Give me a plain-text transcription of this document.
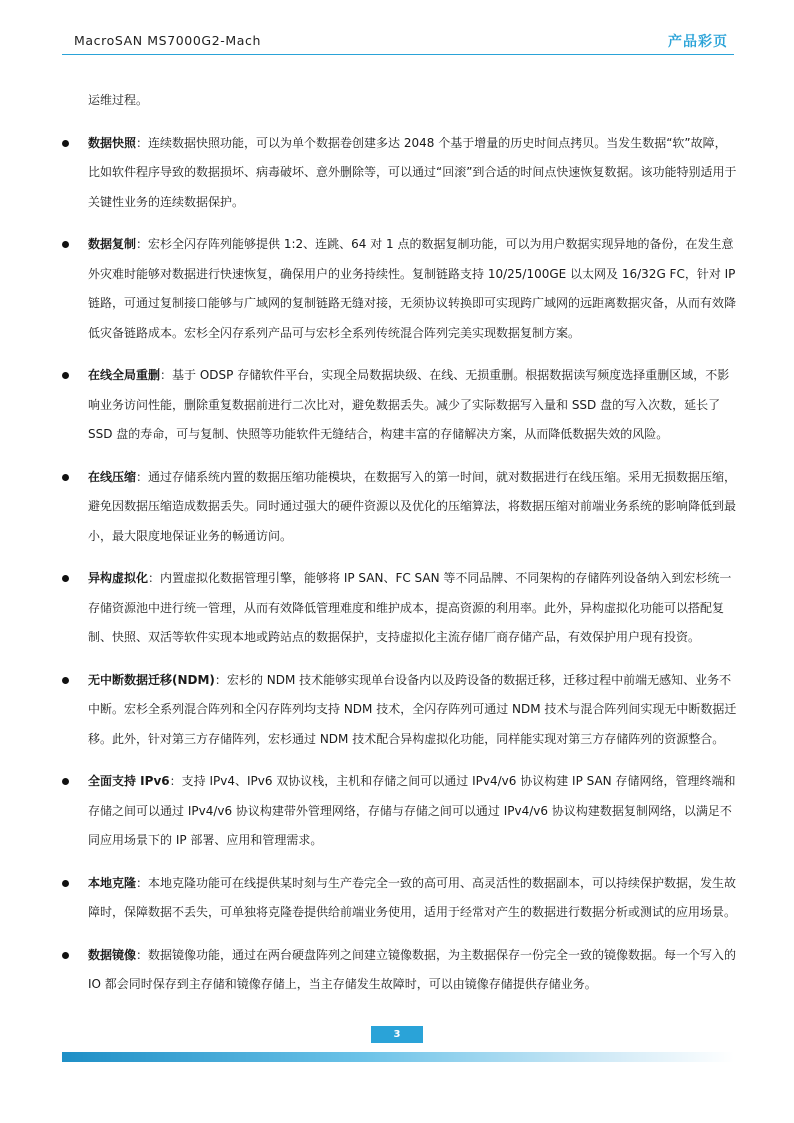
MacroSAN MS7000G2-Mach	产品彩页

运维过程。

数据快照：连续数据快照功能，可以为单个数据卷创建多达 2048 个基于增量的历史时间点拷贝。当发生数据“软”故障，比如软件程序导致的数据损坏、病毒破坏、意外删除等，可以通过“回滚”到合适的时间点快速恢复数据。该功能特别适用于关键性业务的连续数据保护。
数据复制：宏杉全闪存阵列能够提供 1:2、连跳、64 对 1 点的数据复制功能，可以为用户数据实现异地的备份，在发生意外灾难时能够对数据进行快速恢复，确保用户的业务持续性。复制链路支持 10/25/100GE 以太网及 16/32G FC，针对 IP 链路，可通过复制接口能够与广域网的复制链路无缝对接，无须协议转换即可实现跨广域网的远距离数据灾备，从而有效降低灾备链路成本。宏杉全闪存系列产品可与宏杉全系列传统混合阵列完美实现数据复制方案。
在线全局重删：基于 ODSP 存储软件平台，实现全局数据块级、在线、无损重删。根据数据读写频度选择重删区域，不影响业务访问性能，删除重复数据前进行二次比对，避免数据丢失。减少了实际数据写入量和 SSD 盘的写入次数，延长了 SSD 盘的寿命，可与复制、快照等功能软件无缝结合，构建丰富的存储解决方案，从而降低数据失效的风险。
在线压缩：通过存储系统内置的数据压缩功能模块，在数据写入的第一时间，就对数据进行在线压缩。采用无损数据压缩，避免因数据压缩造成数据丢失。同时通过强大的硬件资源以及优化的压缩算法，将数据压缩对前端业务系统的影响降低到最小，最大限度地保证业务的畅通访问。
异构虚拟化：内置虚拟化数据管理引擎，能够将 IP SAN、FC SAN 等不同品牌、不同架构的存储阵列设备纳入到宏杉统一存储资源池中进行统一管理，从而有效降低管理难度和维护成本，提高资源的利用率。此外，异构虚拟化功能可以搭配复制、快照、双活等软件实现本地或跨站点的数据保护，支持虚拟化主流存储厂商存储产品，有效保护用户现有投资。
无中断数据迁移(NDM)：宏杉的 NDM 技术能够实现单台设备内以及跨设备的数据迁移，迁移过程中前端无感知、业务不中断。宏杉全系列混合阵列和全闪存阵列均支持 NDM 技术，全闪存阵列可通过 NDM 技术与混合阵列间实现无中断数据迁移。此外，针对第三方存储阵列，宏杉通过 NDM 技术配合异构虚拟化功能，同样能实现对第三方存储阵列的资源整合。
全面支持 IPv6：支持 IPv4、IPv6 双协议栈，主机和存储之间可以通过 IPv4/v6 协议构建 IP SAN 存储网络，管理终端和存储之间可以通过 IPv4/v6 协议构建带外管理网络，存储与存储之间可以通过 IPv4/v6 协议构建数据复制网络，以满足不同应用场景下的 IP 部署、应用和管理需求。
本地克隆：本地克隆功能可在线提供某时刻与生产卷完全一致的高可用、高灵活性的数据副本，可以持续保护数据，发生故障时，保障数据不丢失，可单独将克隆卷提供给前端业务使用，适用于经常对产生的数据进行数据分析或测试的应用场景。
数据镜像：数据镜像功能，通过在两台硬盘阵列之间建立镜像数据，为主数据保存一份完全一致的镜像数据。每一个写入的 IO 都会同时保存到主存储和镜像存储上，当主存储发生故障时，可以由镜像存储提供存储业务。
3
